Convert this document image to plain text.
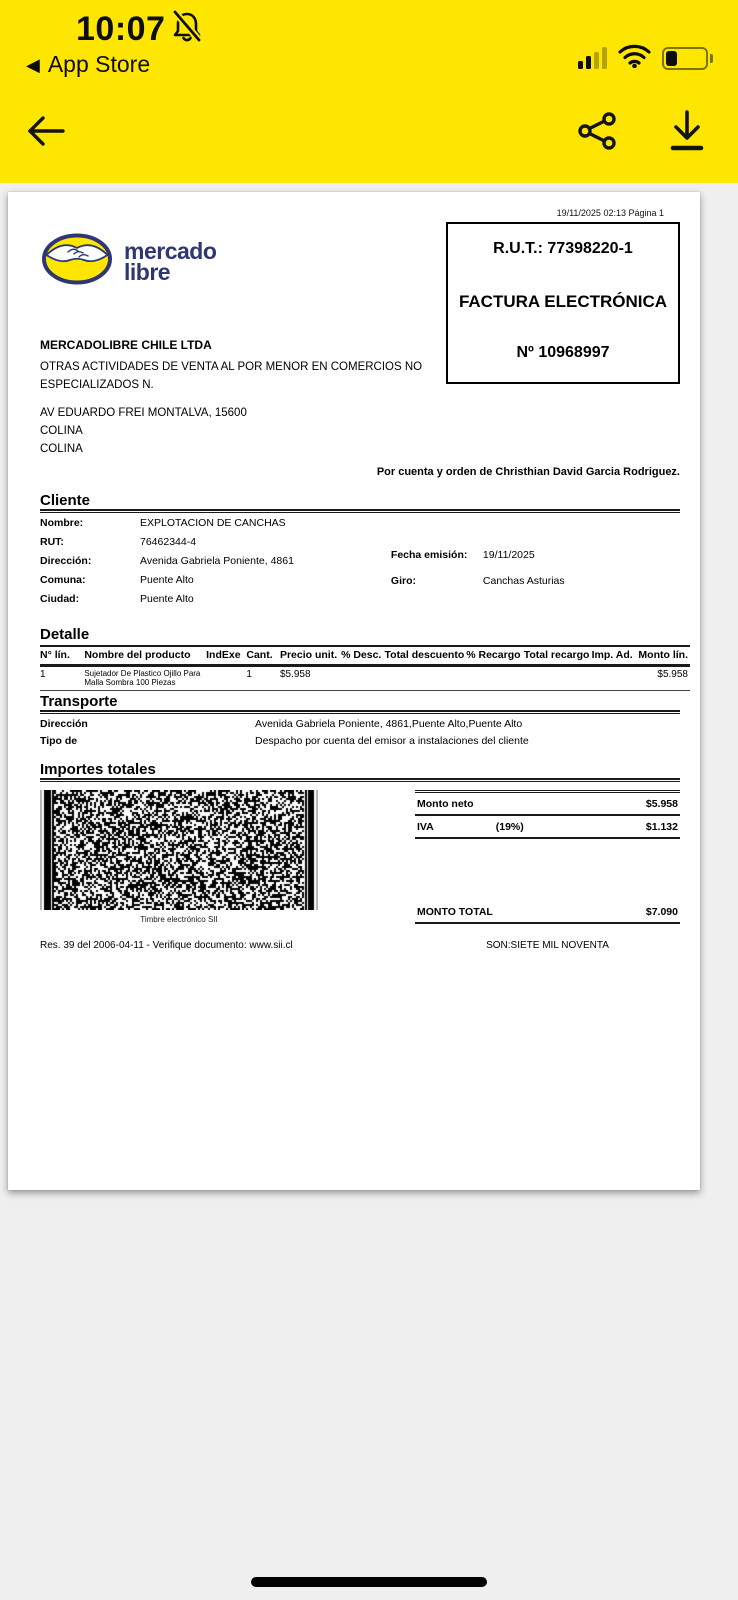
10:07
◀ App Store
19/11/2025 02:13 Página 1
mercado
libre
R.U.T.: 77398220-1
FACTURA ELECTRÓNICA
Nº 10968997
MERCADOLIBRE CHILE LTDA
OTRAS ACTIVIDADES DE VENTA AL POR MENOR EN COMERCIOS NO ESPECIALIZADOS N.
AV EDUARDO FREI MONTALVA, 15600
COLINA
COLINA
Por cuenta y orden de Christhian David Garcia Rodriguez.
Cliente
Nombre:	EXPLOTACION DE CANCHAS
RUT:	76462344-4
Dirección:	Avenida Gabriela Poniente, 4861
Comuna:	Puente Alto
Ciudad:	Puente Alto
Fecha emisión:	19/11/2025
Giro:	Canchas Asturias
Detalle
N° lín.	Nombre del producto	IndExe	Cant.	Precio unit.	% Desc.	Total descuento	% Recargo	Total recargo	Imp. Ad.	Monto lín.
1	Sujetador De Plastico Ojillo Para Malla Sombra 100 Piezas		1	$5.958						$5.958
Transporte
Dirección	Avenida Gabriela Poniente, 4861,Puente Alto,Puente Alto
Tipo de	Despacho por cuenta del emisor a instalaciones del cliente
Importes totales
Timbre electrónico SII
Monto neto	$5.958
IVA	(19%)	$1.132
MONTO TOTAL	$7.090
Res. 39 del 2006-04-11 - Verifique documento: www.sii.cl	SON:SIETE MIL NOVENTA
